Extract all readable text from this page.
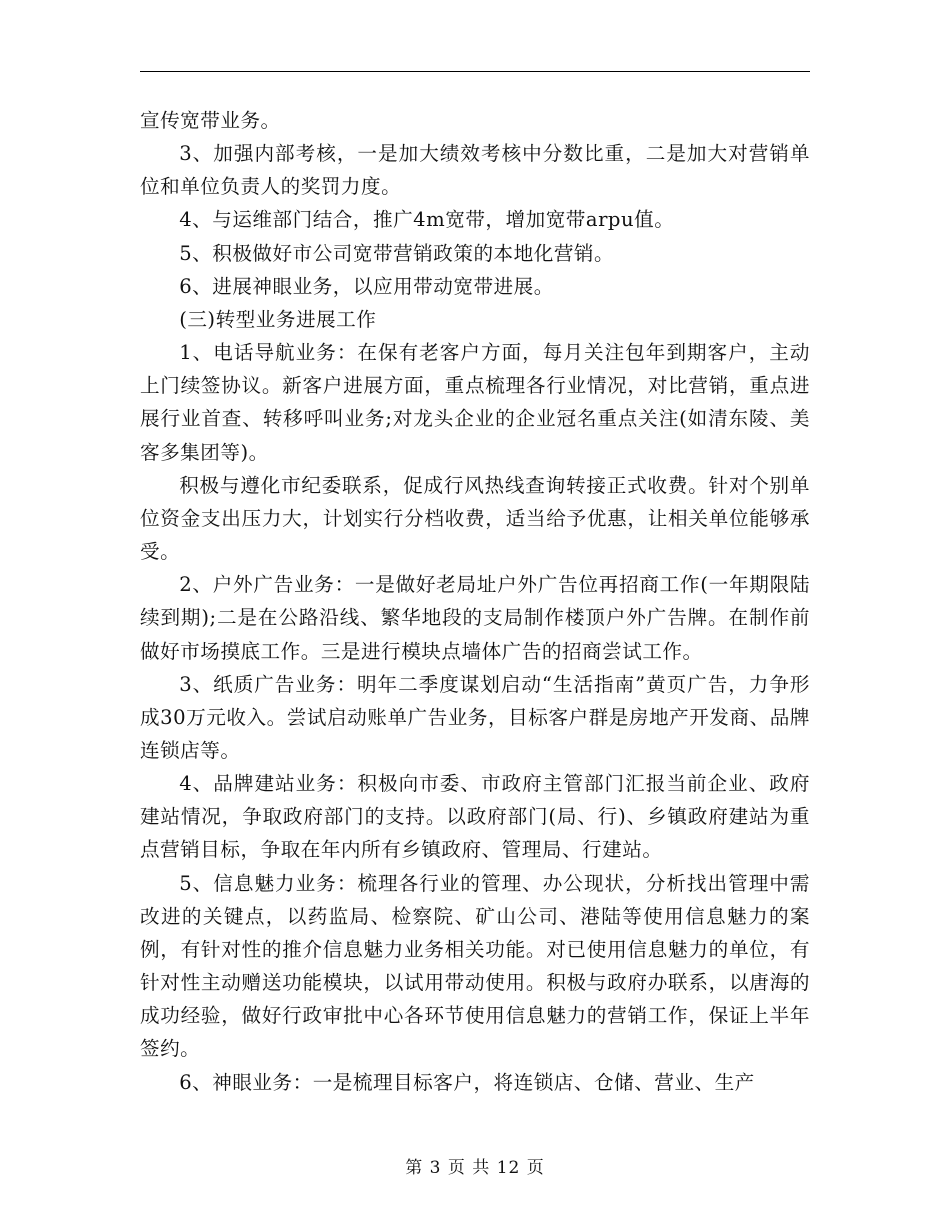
宣传宽带业务。

3、加强内部考核，一是加大绩效考核中分数比重，二是加大对营销单位和单位负责人的奖罚力度。

4、与运维部门结合，推广4m宽带，增加宽带arpu值。

5、积极做好市公司宽带营销政策的本地化营销。

6、进展神眼业务，以应用带动宽带进展。

(三)转型业务进展工作

1、电话导航业务：在保有老客户方面，每月关注包年到期客户，主动上门续签协议。新客户进展方面，重点梳理各行业情况，对比营销，重点进展行业首查、转移呼叫业务;对龙头企业的企业冠名重点关注(如清东陵、美客多集团等)。

积极与遵化市纪委联系，促成行风热线查询转接正式收费。针对个别单位资金支出压力大，计划实行分档收费，适当给予优惠，让相关单位能够承受。

2、户外广告业务：一是做好老局址户外广告位再招商工作(一年期限陆续到期);二是在公路沿线、繁华地段的支局制作楼顶户外广告牌。在制作前做好市场摸底工作。三是进行模块点墙体广告的招商尝试工作。

3、纸质广告业务：明年二季度谋划启动“生活指南”黄页广告，力争形成30万元收入。尝试启动账单广告业务，目标客户群是房地产开发商、品牌连锁店等。

4、品牌建站业务：积极向市委、市政府主管部门汇报当前企业、政府建站情况，争取政府部门的支持。以政府部门(局、行)、乡镇政府建站为重点营销目标，争取在年内所有乡镇政府、管理局、行建站。

5、信息魅力业务：梳理各行业的管理、办公现状，分析找出管理中需改进的关键点，以药监局、检察院、矿山公司、港陆等使用信息魅力的案例，有针对性的推介信息魅力业务相关功能。对已使用信息魅力的单位，有针对性主动赠送功能模块，以试用带动使用。积极与政府办联系，以唐海的成功经验，做好行政审批中心各环节使用信息魅力的营销工作，保证上半年签约。

6、神眼业务：一是梳理目标客户，将连锁店、仓储、营业、生产

第 3 页 共 12 页
